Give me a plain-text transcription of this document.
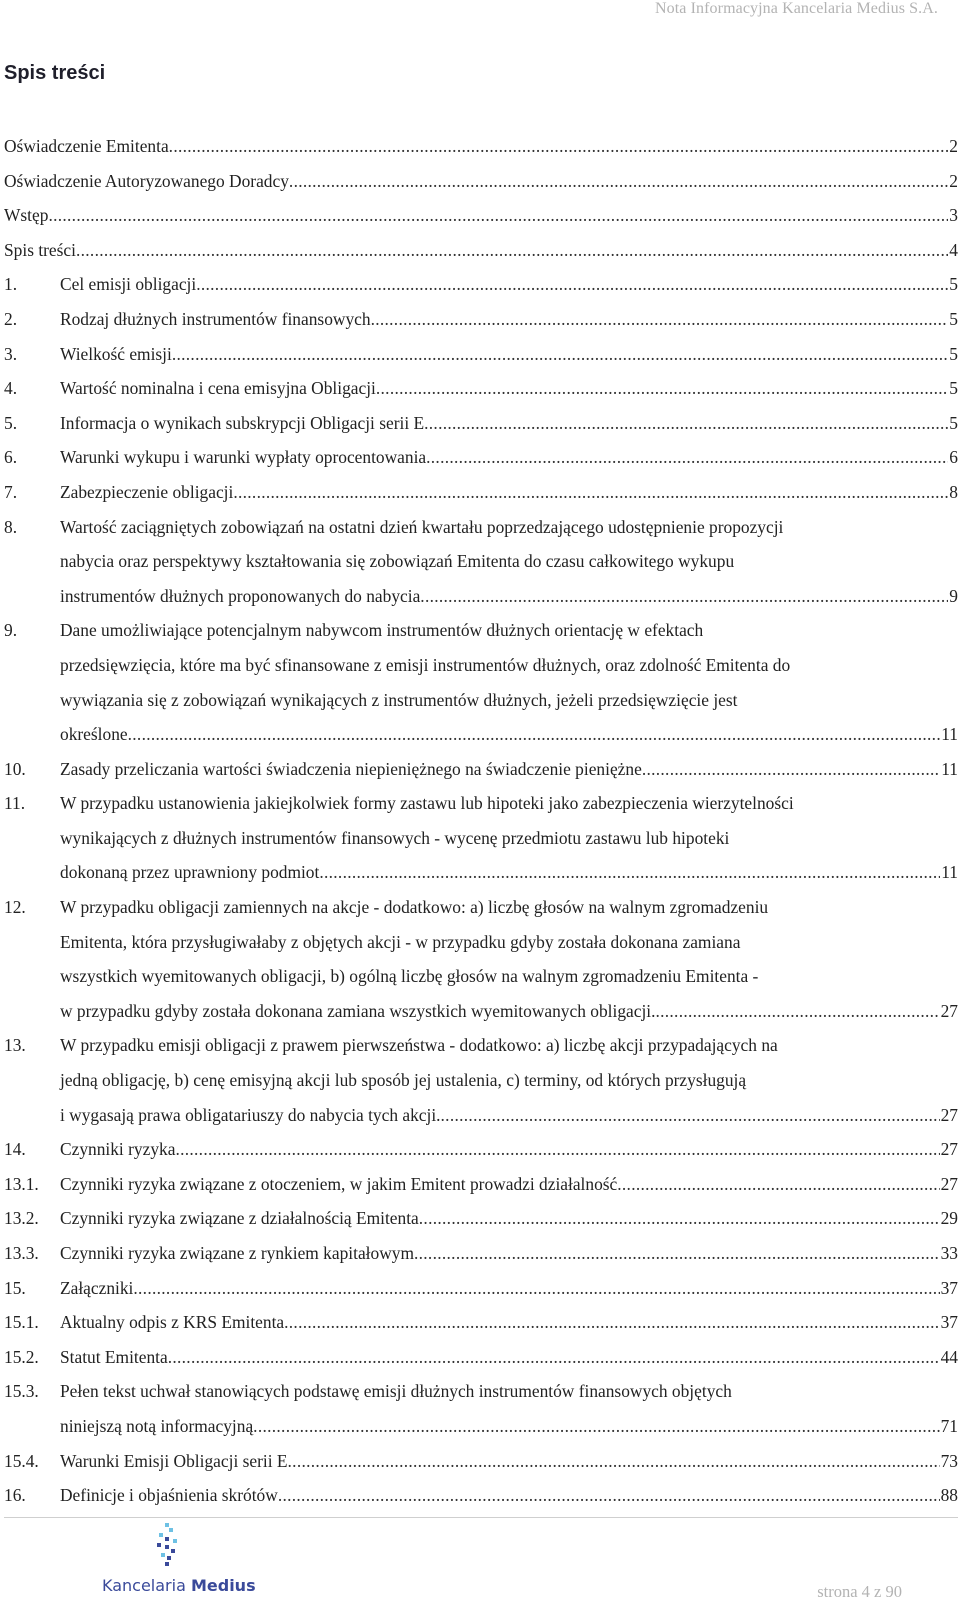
Nota Informacyjna Kancelaria Medius S.A.
Spis treści
Oświadczenie Emitenta .....	2
Oświadczenie Autoryzowanego Doradcy .....	2
Wstęp .....	3
Spis treści .....	4
1.	Cel emisji obligacji .....	5
2.	Rodzaj dłużnych instrumentów finansowych .....	5
3.	Wielkość emisji .....	5
4.	Wartość nominalna i cena emisyjna Obligacji .....	5
5.	Informacja o wynikach subskrypcji Obligacji serii E .....	5
6.	Warunki wykupu i warunki wypłaty oprocentowania .....	6
7.	Zabezpieczenie obligacji .....	8
8.	Wartość zaciągniętych zobowiązań na ostatni dzień kwartału poprzedzającego udostępnienie propozycji
nabycia oraz perspektywy kształtowania się zobowiązań Emitenta do czasu całkowitego wykupu
instrumentów dłużnych proponowanych do nabycia .....	9
9.	Dane umożliwiające potencjalnym nabywcom instrumentów dłużnych orientację w efektach
przedsięwzięcia, które ma być sfinansowane z emisji instrumentów dłużnych, oraz zdolność Emitenta do
wywiązania się z zobowiązań wynikających z instrumentów dłużnych, jeżeli przedsięwzięcie jest
określone .....	11
10.	Zasady przeliczania wartości świadczenia niepieniężnego na świadczenie pieniężne .....	11
11.	W przypadku ustanowienia jakiejkolwiek formy zastawu lub hipoteki jako zabezpieczenia wierzytelności
wynikających z dłużnych instrumentów finansowych - wycenę przedmiotu zastawu lub hipoteki
dokonaną przez uprawniony podmiot .....	11
12.	W przypadku obligacji zamiennych na akcje - dodatkowo: a) liczbę głosów na walnym zgromadzeniu
Emitenta, która przysługiwałaby z objętych akcji - w przypadku gdyby została dokonana zamiana
wszystkich wyemitowanych obligacji, b) ogólną liczbę głosów na walnym zgromadzeniu Emitenta -
w przypadku gdyby została dokonana zamiana wszystkich wyemitowanych obligacji. .....	27
13.	W przypadku emisji obligacji z prawem pierwszeństwa - dodatkowo: a) liczbę akcji przypadających na
jedną obligację, b) cenę emisyjną akcji lub sposób jej ustalenia, c) terminy, od których przysługują
i wygasają prawa obligatariuszy do nabycia tych akcji. .....	27
14.	Czynniki ryzyka .....	27
13.1.	Czynniki ryzyka związane z otoczeniem, w jakim Emitent prowadzi działalność .....	27
13.2.	Czynniki ryzyka związane z działalnością Emitenta .....	29
13.3.	Czynniki ryzyka związane z rynkiem kapitałowym .....	33
15.	Załączniki .....	37
15.1.	Aktualny odpis z KRS Emitenta .....	37
15.2.	Statut Emitenta .....	44
15.3.	Pełen tekst uchwał stanowiących podstawę emisji dłużnych instrumentów finansowych objętych
niniejszą notą informacyjną .....	71
15.4.	Warunki Emisji Obligacji serii E .....	73
16.	Definicje i objaśnienia skrótów .....	88
Kancelaria Medius	strona 4 z 90
